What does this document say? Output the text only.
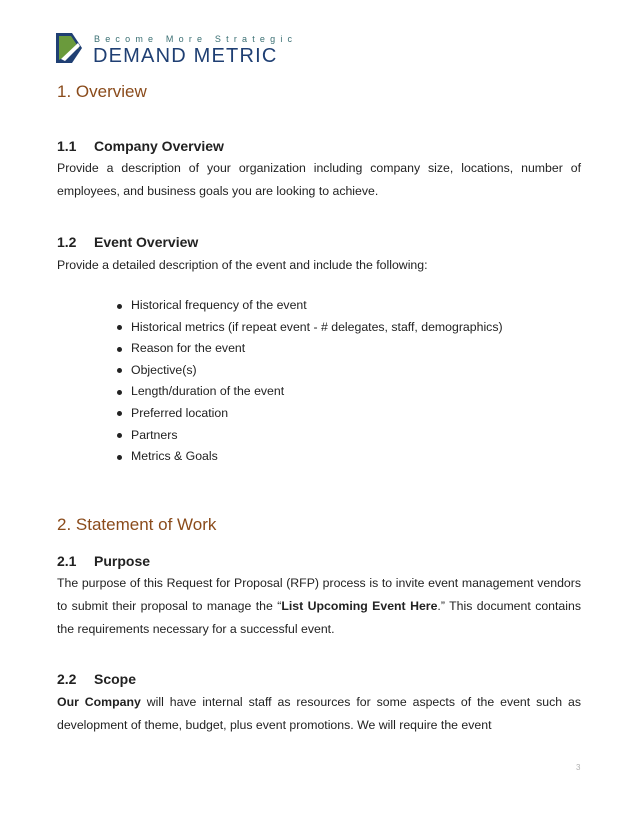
Become More Strategic
DEMAND METRIC
1. Overview
1.1 Company Overview

Provide a description of your organization including company size, locations, number of employees, and business goals you are looking to achieve.

1.2 Event Overview

Provide a detailed description of the event and include the following:

Historical frequency of the event
Historical metrics (if repeat event - # delegates, staff, demographics)
Reason for the event
Objective(s)
Length/duration of the event
Preferred location
Partners
Metrics & Goals
2. Statement of Work
2.1 Purpose

The purpose of this Request for Proposal (RFP) process is to invite event management vendors to submit their proposal to manage the “List Upcoming Event Here.” This document contains the requirements necessary for a successful event.

2.2 Scope

Our Company will have internal staff as resources for some aspects of the event such as development of theme, budget, plus event promotions. We will require the event

3
